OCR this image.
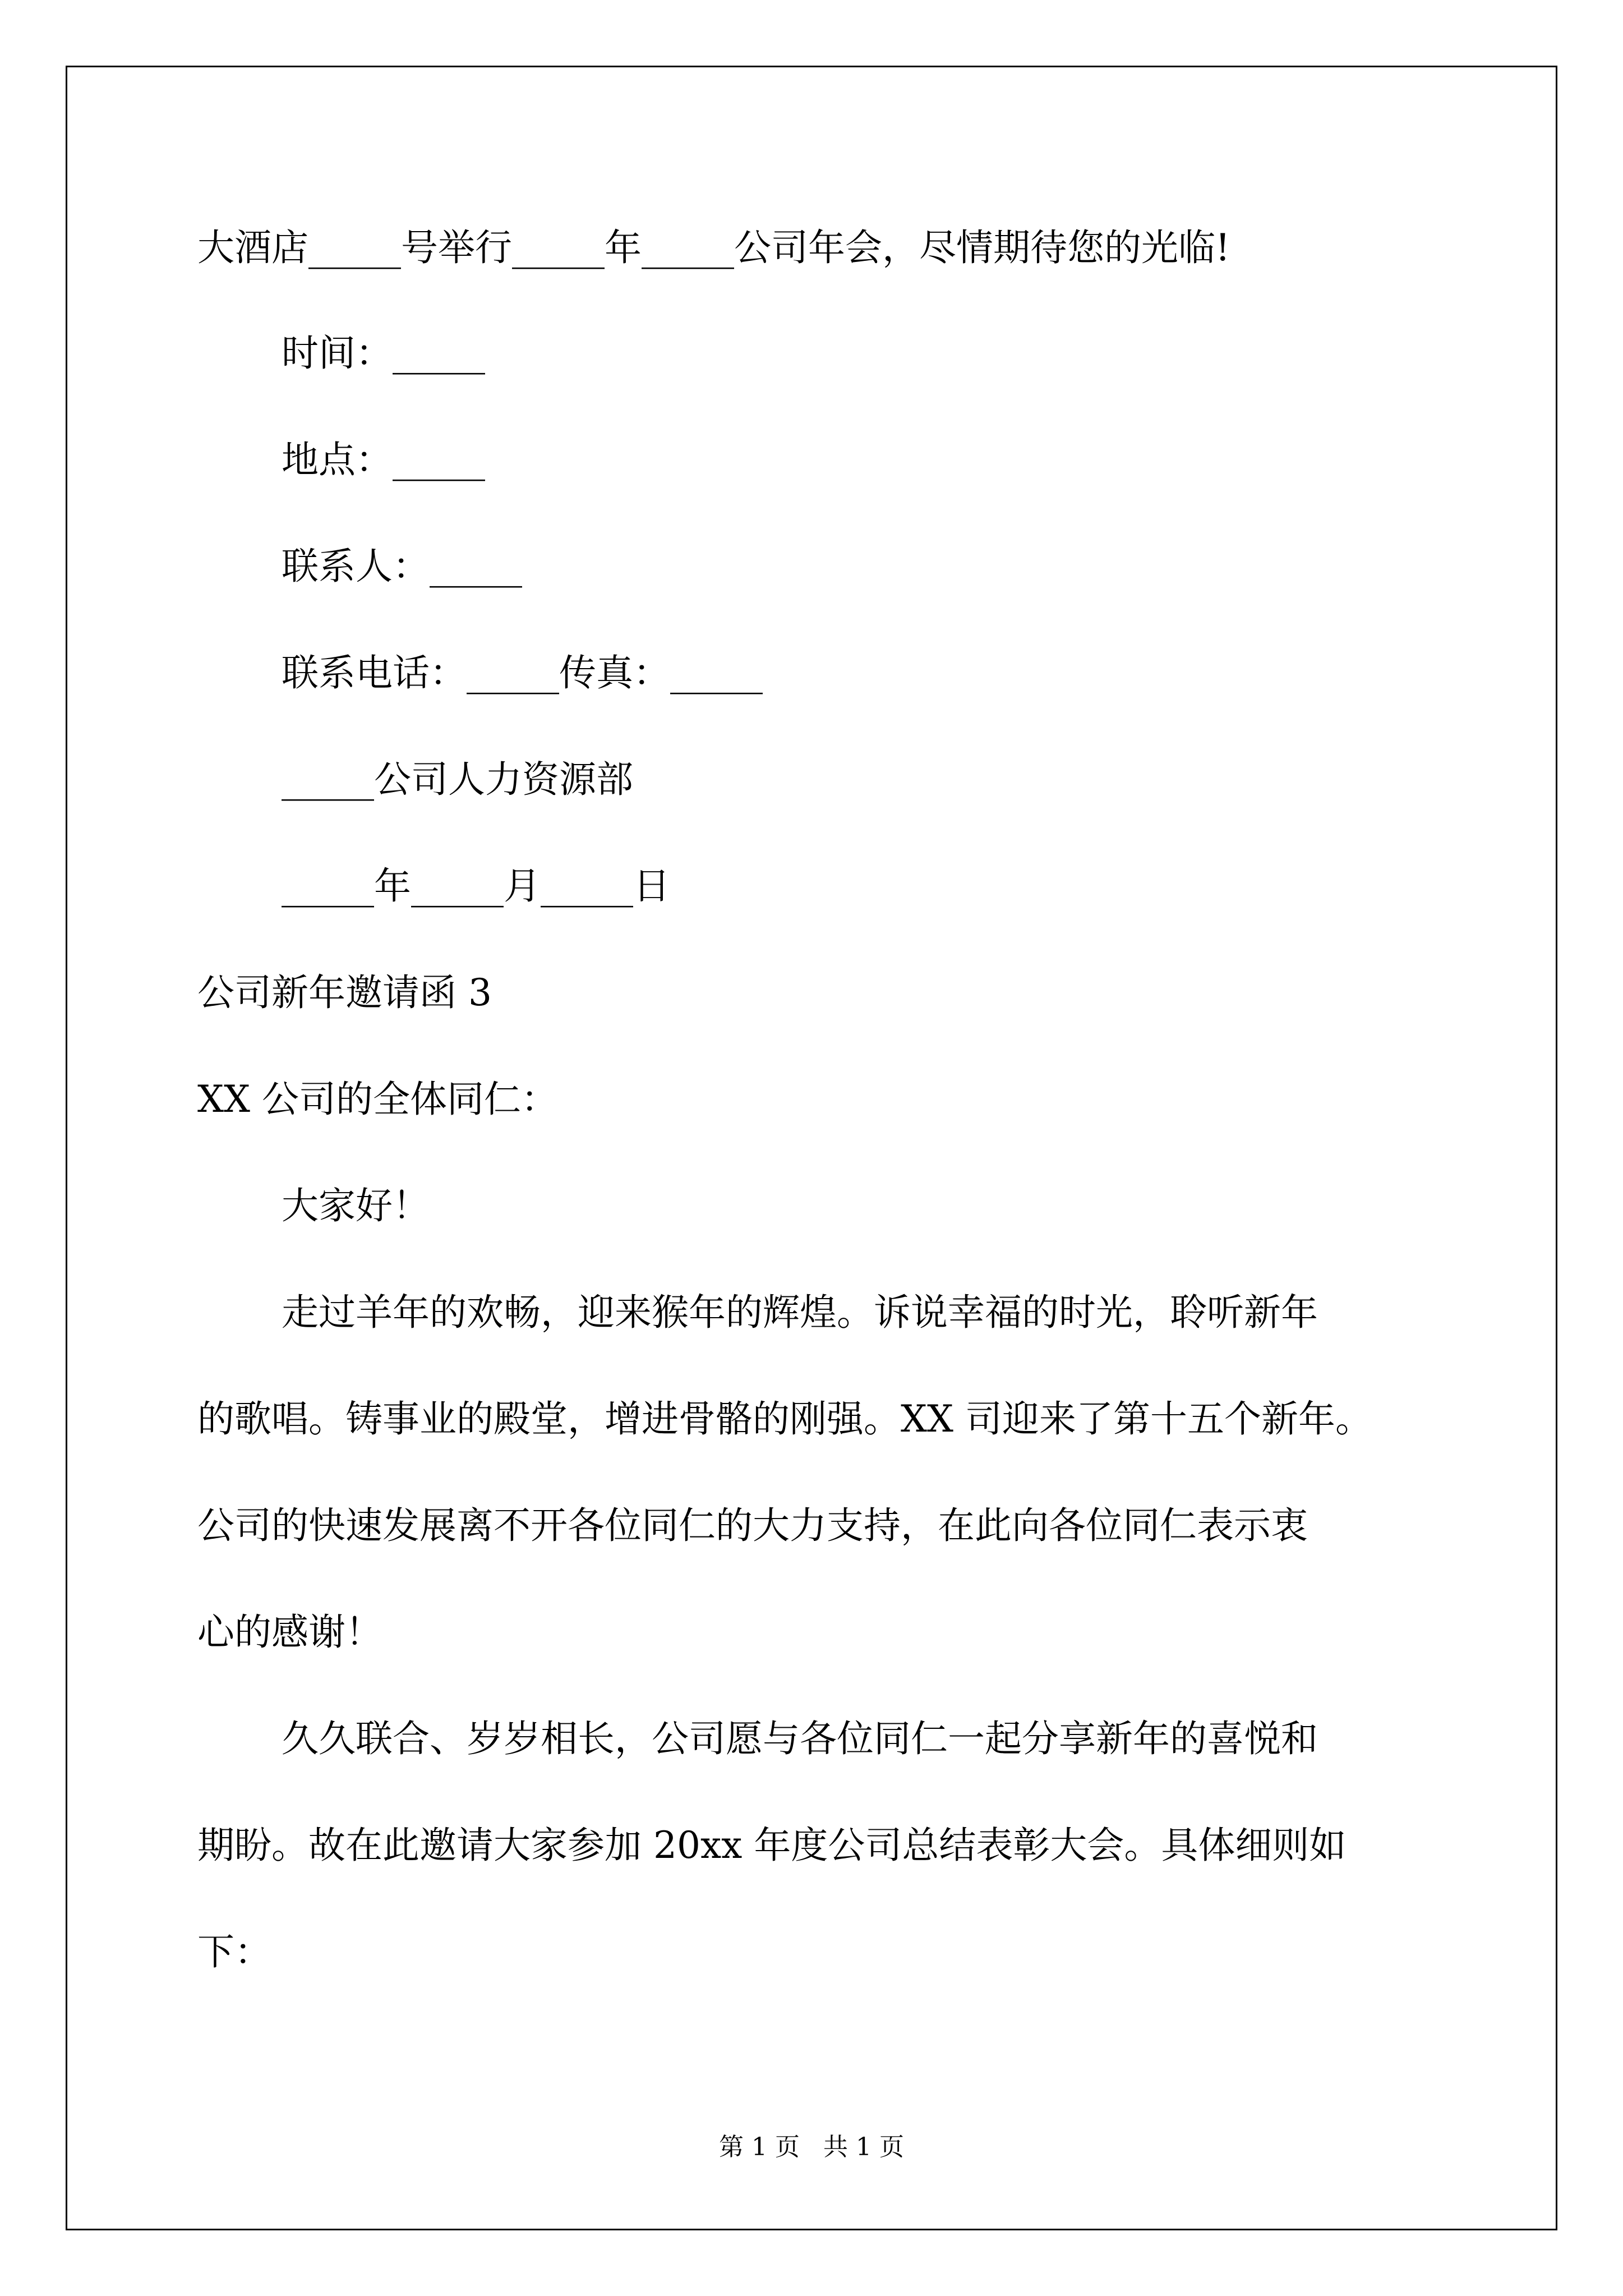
大酒店_____号举行_____年_____公司年会，尽情期待您的光临!
时间：_____
地点：_____
联系人：_____
联系电话：_____传真：_____
_____公司人力资源部
_____年_____月_____日
公司新年邀请函 3
XX 公司的全体同仁：
大家好！
走过羊年的欢畅，迎来猴年的辉煌。诉说幸福的时光，聆听新年
的歌唱。铸事业的殿堂，增进骨骼的刚强。XX 司迎来了第十五个新年。
公司的快速发展离不开各位同仁的大力支持，在此向各位同仁表示衷
心的感谢！
久久联合、岁岁相长，公司愿与各位同仁一起分享新年的喜悦和
期盼。故在此邀请大家参加 20xx 年度公司总结表彰大会。具体细则如
下：
第 1 页   共 1 页
